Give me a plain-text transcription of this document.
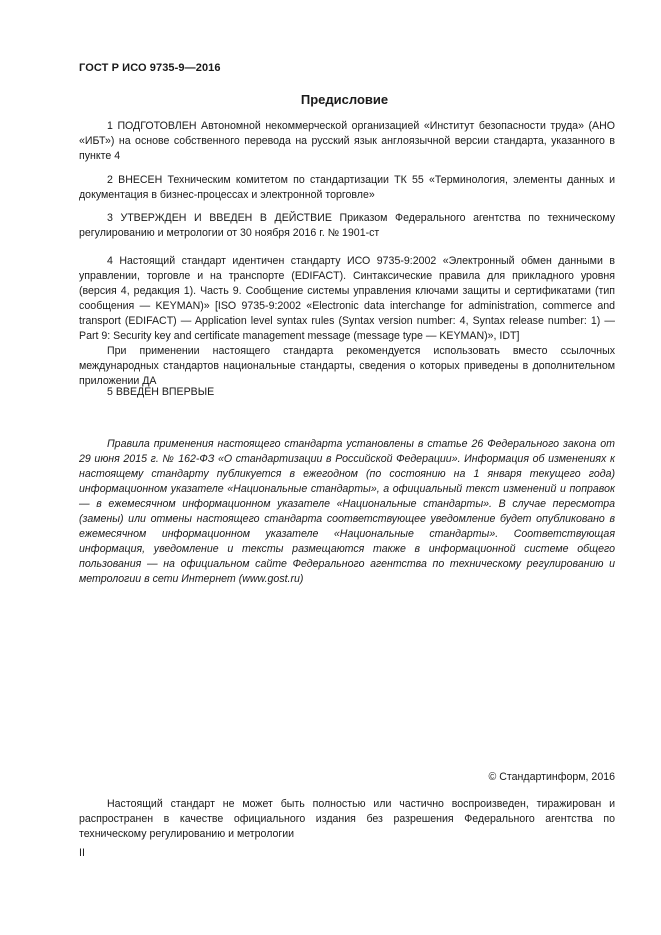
ГОСТ Р ИСО 9735-9—2016
Предисловие

1 ПОДГОТОВЛЕН Автономной некоммерческой организацией «Институт безопасности труда» (АНО «ИБТ») на основе собственного перевода на русский язык англоязычной версии стандарта, указанного в пункте 4

2 ВНЕСЕН Техническим комитетом по стандартизации ТК 55 «Терминология, элементы данных и документация в бизнес-процессах и электронной торговле»

3 УТВЕРЖДЕН И ВВЕДЕН В ДЕЙСТВИЕ Приказом Федерального агентства по техническому регулированию и метрологии от 30 ноября 2016 г. № 1901-ст

4 Настоящий стандарт идентичен стандарту ИСО 9735-9:2002 «Электронный обмен данными в управлении, торговле и на транспорте (EDIFACT). Синтаксические правила для прикладного уровня (версия 4, редакция 1). Часть 9. Сообщение системы управления ключами защиты и сертификатами (тип сообщения — KEYMAN)» [ISO 9735-9:2002 «Electronic data interchange for administration, commerce and transport (EDIFACT) — Application level syntax rules (Syntax version number: 4, Syntax release number: 1) — Part 9: Security key and certificate management message (message type — KEYMAN)», IDT]

При применении настоящего стандарта рекомендуется использовать вместо ссылочных международных стандартов национальные стандарты, сведения о которых приведены в дополнительном приложении ДА

5 ВВЕДЕН ВПЕРВЫЕ

Правила применения настоящего стандарта установлены в статье 26 Федерального закона от 29 июня 2015 г. № 162-ФЗ «О стандартизации в Российской Федерации». Информация об изменениях к настоящему стандарту публикуется в ежегодном (по состоянию на 1 января текущего года) информационном указателе «Национальные стандарты», а официальный текст изменений и поправок — в ежемесячном информационном указателе «Национальные стандарты». В случае пересмотра (замены) или отмены настоящего стандарта соответствующее уведомление будет опубликовано в ежемесячном информационном указателе «Национальные стандарты». Соответствующая информация, уведомление и тексты размещаются также в информационной системе общего пользования — на официальном сайте Федерального агентства по техническому регулированию и метрологии в сети Интернет (www.gost.ru)

© Стандартинформ, 2016

Настоящий стандарт не может быть полностью или частично воспроизведен, тиражирован и распространен в качестве официального издания без разрешения Федерального агентства по техническому регулированию и метрологии

II
